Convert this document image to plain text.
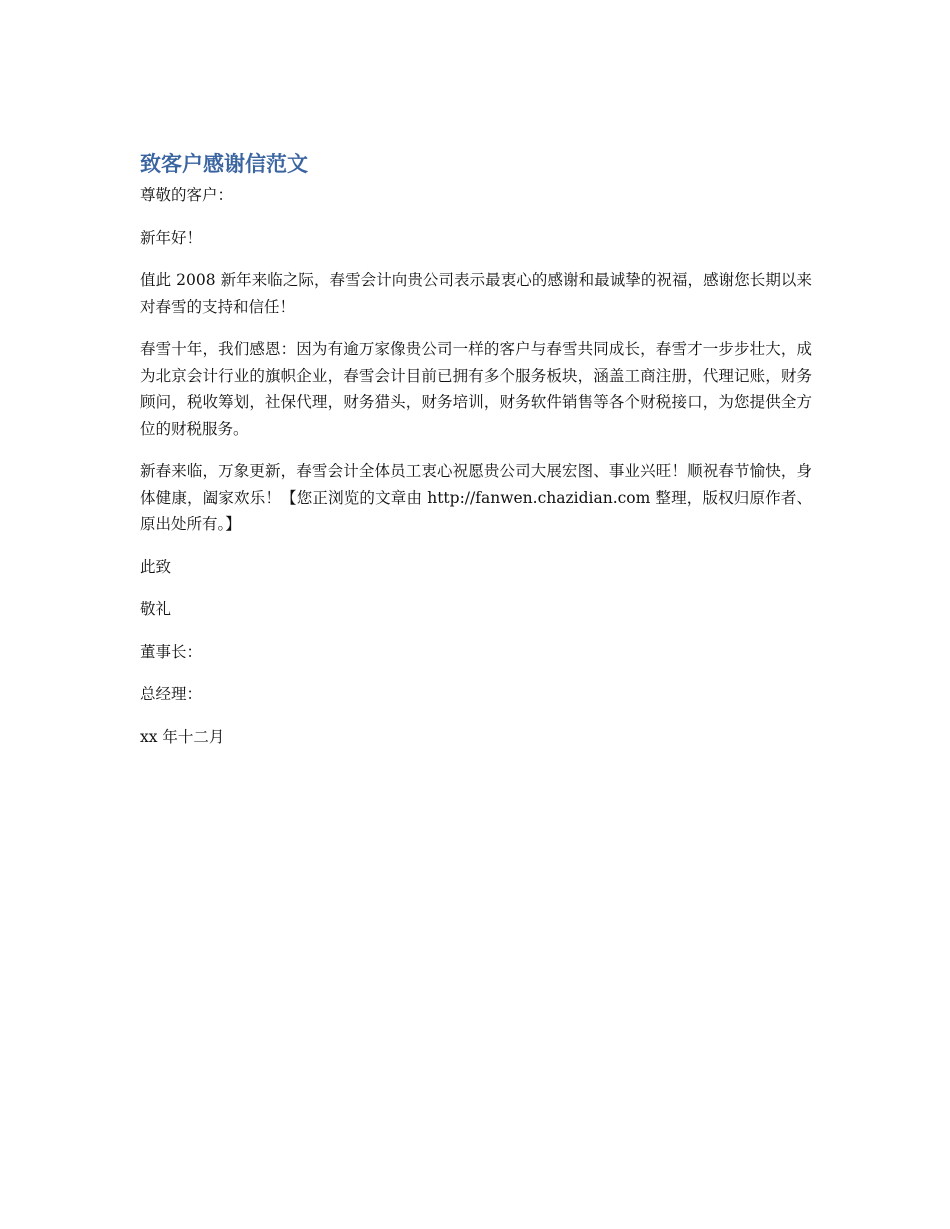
致客户感谢信范文

尊敬的客户：

新年好！

值此 2008 新年来临之际，春雪会计向贵公司表示最衷心的感谢和最诚挚的祝福，感谢您长期以来对春雪的支持和信任！

春雪十年，我们感恩：因为有逾万家像贵公司一样的客户与春雪共同成长，春雪才一步步壮大，成为北京会计行业的旗帜企业，春雪会计目前已拥有多个服务板块，涵盖工商注册，代理记账，财务顾问，税收筹划，社保代理，财务猎头，财务培训，财务软件销售等各个财税接口，为您提供全方位的财税服务。

新春来临，万象更新，春雪会计全体员工衷心祝愿贵公司大展宏图、事业兴旺！顺祝春节愉快，身体健康，阖家欢乐！【您正浏览的文章由 http://fanwen.chazidian.com 整理，版权归原作者、原出处所有。】

此致

敬礼

董事长：

总经理：

xx 年十二月
